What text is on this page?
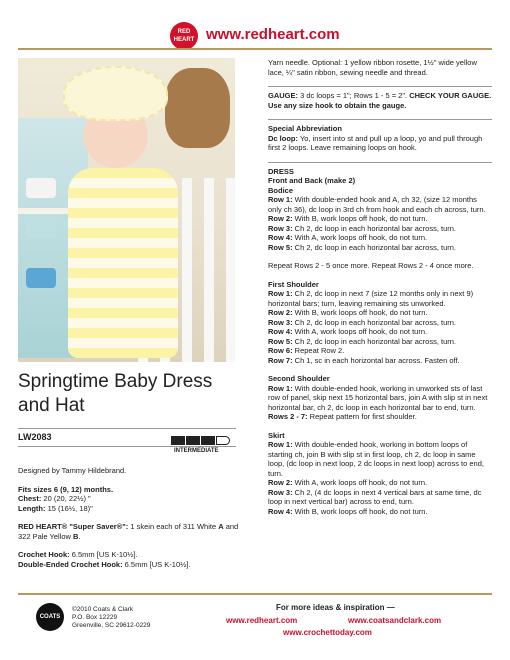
RED HEART www.redheart.com
Springtime Baby Dress and Hat
LW2083
INTERMEDIATE

Designed by Tammy Hildebrand.

Fits sizes 6 (9, 12) months.
Chest: 20 (20, 22½) "
Length: 15 (16½, 18)"

RED HEART® "Super Saver®": 1 skein each of 311 White A and 322 Pale Yellow B.

Crochet Hook: 6.5mm [US K-10½].
Double-Ended Crochet Hook: 6.5mm [US K-10½].

Yarn needle. Optional: 1 yellow ribbon rosette, 1½" wide yellow lace, ¼" satin ribbon, sewing needle and thread.
GAUGE: 3 dc loops = 1"; Rows 1 - 5 = 2". CHECK YOUR GAUGE. Use any size hook to obtain the gauge.
Special Abbreviation
Dc loop: Yo, insert into st and pull up a loop, yo and pull through first 2 loops. Leave remaining loops on hook.
DRESS
Front and Back (make 2)
Bodice
Row 1: With double-ended hook and A, ch 32, (size 12 months only ch 36), dc loop in 3rd ch from hook and each ch across, turn.
Row 2: With B, work loops off hook, do not turn.
Row 3: Ch 2, dc loop in each horizontal bar across, turn.
Row 4: With A, work loops off hook, do not turn.
Row 5: Ch 2, dc loop in each horizontal bar across, turn.
Repeat Rows 2 - 5 once more. Repeat Rows 2 - 4 once more.
First Shoulder
Row 1: Ch 2, dc loop in next 7 (size 12 months only in next 9) horizontal bars; turn, leaving remaining sts unworked.
Row 2: With B, work loops off hook, do not turn.
Row 3: Ch 2, dc loop in each horizontal bar across, turn.
Row 4: With A, work loops off hook, do not turn.
Row 5: Ch 2, dc loop in each horizontal bar across, turn.
Row 6: Repeat Row 2.
Row 7: Ch 1, sc in each horizontal bar across. Fasten off.
Second Shoulder
Row 1: With double-ended hook, working in unworked sts of last row of panel, skip next 15 horizontal bars, join A with slip st in next horizontal bar, ch 2, dc loop in each horizontal bar to end, turn.
Rows 2 - 7: Repeat pattern for first shoulder.
Skirt
Row 1: With double-ended hook, working in bottom loops of starting ch, join B with slip st in first loop, ch 2, dc loop in same loop, (dc loop in next loop, 2 dc loops in next loop) across to end, turn.
Row 2: With A, work loops off hook, do not turn.
Row 3: Ch 2, (4 dc loops in next 4 vertical bars at same time, dc loop in next vertical bar) across to end, turn.
Row 4: With B, work loops off hook, do not turn.
COATS
©2010 Coats & Clark
P.O. Box 12229
Greenville, SC 29612-0229
For more ideas & inspiration —
www.redheart.com	www.coatsandclark.com
www.crochettoday.com
